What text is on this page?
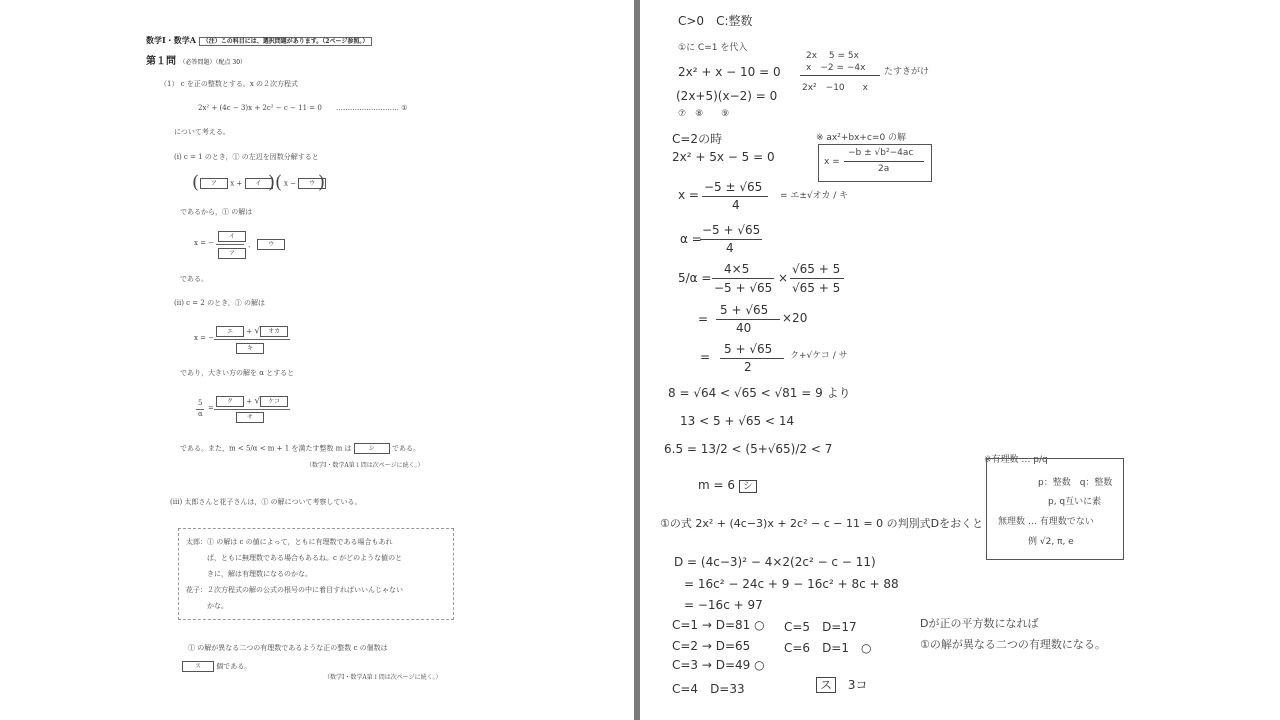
数学Ⅰ・数学A （注）この科目には、選択問題があります。（2ページ参照。）
第１問 （必答問題）（配点 30）
（1） c を正の整数とする。x の２次方程式
2x² + (4c − 3)x + 2c² − c − 11 = 0 ……………………… ①
について考える。
(i) c = 1 のとき，① の左辺を因数分解すると
(	ア x + イ )( x − ウ )
であるから，① の解は
x = −
イ
ア
， ウ
である。
(ii) c = 2 のとき，① の解は
x = −
エ + √ オカ
キ
であり，大きい方の解を α とすると
5
α
=
ク + √ ケコ
サ
である。また，m < 5/α < m + 1 を満たす整数 m は	シ である。
（数学Ⅰ・数学A第１問は次ページに続く。）
(iii) 太郎さんと花子さんは，① の解について考察している。
太郎：① の解は c の値によって，ともに有理数である場合もあれ
　　　ば，ともに無理数である場合もあるね。c がどのような値のと
　　　きに，解は有理数になるのかな。
花子：２次方程式の解の公式の根号の中に着目すればいいんじゃない
　　　かな。
① の解が異なる二つの有理数であるような正の整数 c の個数は
ス 個である。
（数学Ⅰ・数学A第１問は次ページに続く。）
C>0　C:整数
①に C=1 を代入
2x² + x − 10 = 0
(2x+5)(x−2) = 0
⑦　⑧　　⑨
2x　 5 = 5x
x　−2 = −4x
2x²　−10　　x
たすきがけ
C=2の時
2x² + 5x − 5 = 0
※ ax²+bx+c=0 の解
x =
−b ± √b²−4ac
2a
x =
−5 ± √65
4
= エ±√オカ / キ
α =
−5 + √65
4
5/α =
4×5
−5 + √65
×
√65 + 5
√65 + 5
=
5 + √65
40
×20
=
5 + √65
2
ク+√ケコ / サ
8 = √64 < √65 < √81 = 9 より
13 < 5 + √65 < 14
6.5 = 13/2 < (5+√65)/2 < 7
m = 6 シ
※有理数 … p/q
p：整数　q：整数
p, q互いに素
無理数 … 有理数でない
例 √2, π, e
①の式 2x² + (4c−3)x + 2c² − c − 11 = 0 の判別式Dをおくと
D = (4c−3)² − 4×2(2c² − c − 11)
= 16c² − 24c + 9 − 16c² + 8c + 88
= −16c + 97
C=1 → D=81 ○
C=2 → D=65
C=3 → D=49 ○
C=4　D=33
C=5　D=17
C=6　D=1　○
Dが正の平方数になれば
①の解が異なる二つの有理数になる。
ス 3コ
